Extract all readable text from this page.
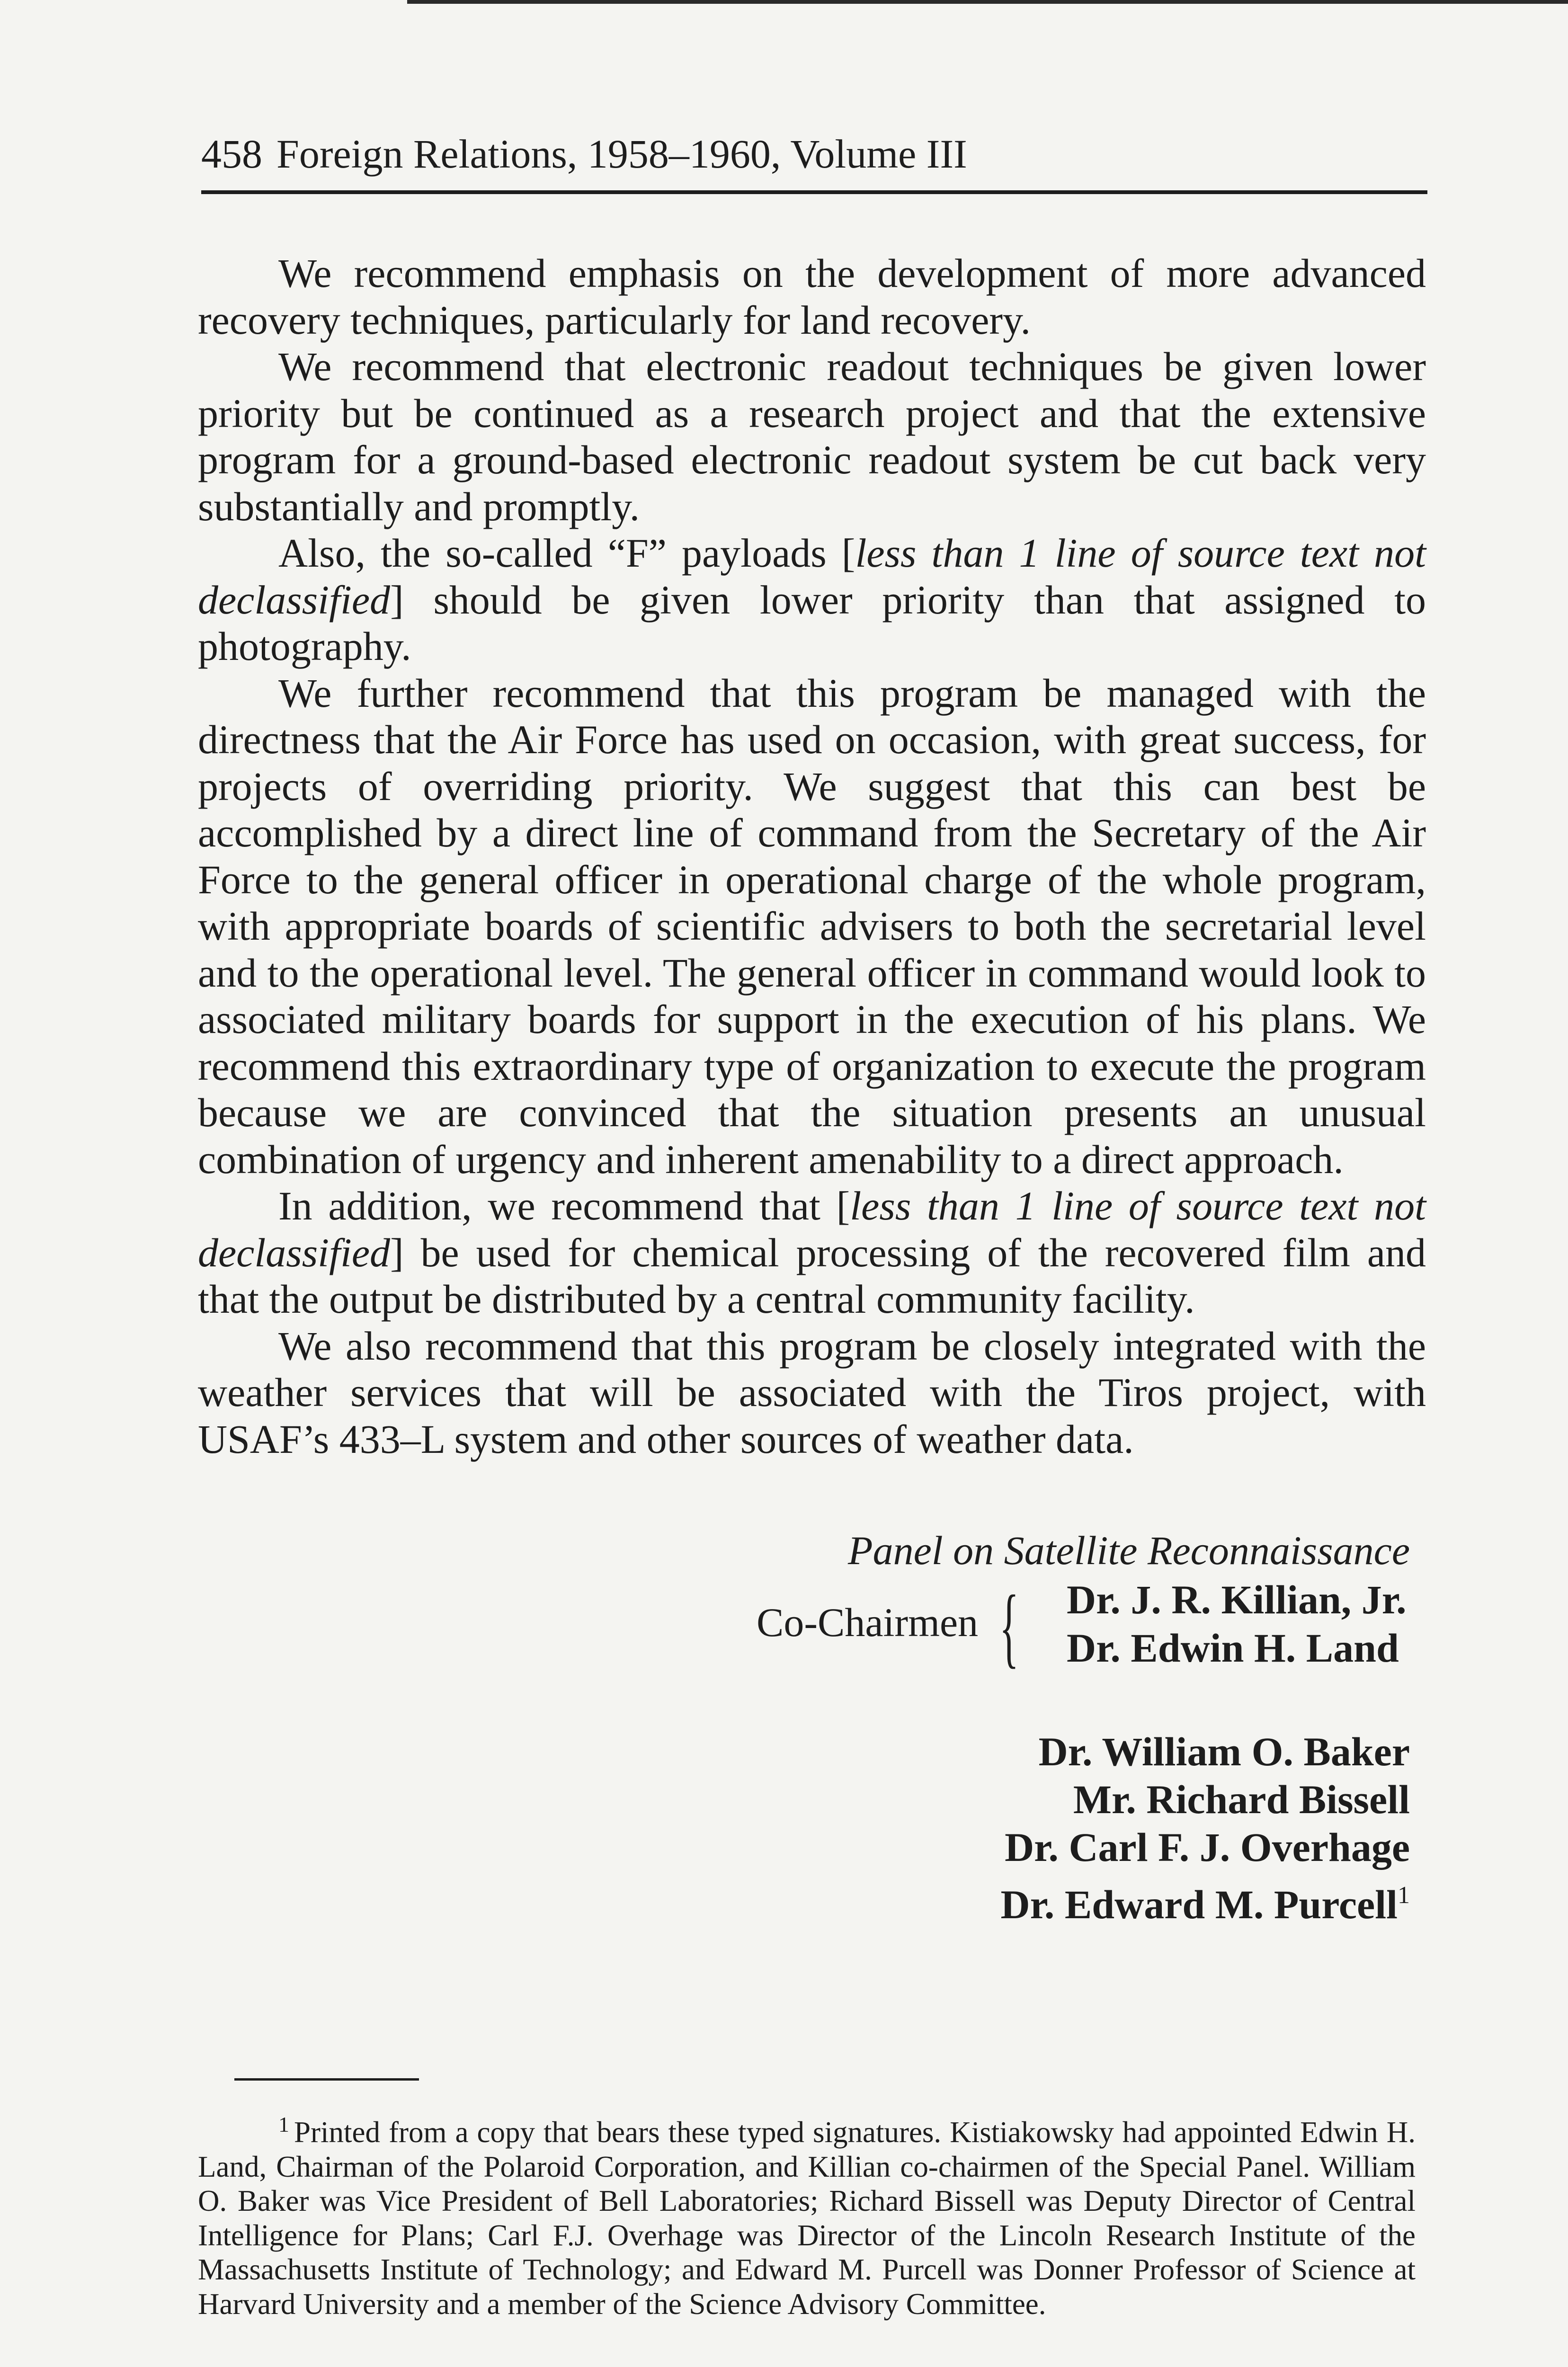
458 Foreign Relations, 1958–1960, Volume III

We recommend emphasis on the development of more advanced recovery techniques, particularly for land recovery.

We recommend that electronic readout techniques be given lower priority but be continued as a research project and that the extensive program for a ground-based electronic readout system be cut back very substantially and promptly.

Also, the so-called “F” payloads [less than 1 line of source text not declassified] should be given lower priority than that assigned to photography.

We further recommend that this program be managed with the directness that the Air Force has used on occasion, with great success, for projects of overriding priority. We suggest that this can best be accomplished by a direct line of command from the Secretary of the Air Force to the general officer in operational charge of the whole program, with appropriate boards of scientific advisers to both the secretarial level and to the operational level. The general officer in command would look to associated military boards for support in the execution of his plans. We recommend this extraordinary type of organization to execute the program because we are convinced that the situation presents an unusual combination of urgency and inherent amenability to a direct approach.

In addition, we recommend that [less than 1 line of source text not declassified] be used for chemical processing of the recovered film and that the output be distributed by a central community facility.

We also recommend that this program be closely integrated with the weather services that will be associated with the Tiros project, with USAF’s 433–L system and other sources of weather data.

Panel on Satellite Reconnaissance
Co-Chairmen { Dr. J. R. Killian, Jr.
Dr. Edwin H. Land
Dr. William O. Baker
Mr. Richard Bissell
Dr. Carl F. J. Overhage
Dr. Edward M. Purcell$^1$
$^1$ Printed from a copy that bears these typed signatures. Kistiakowsky had appointed Edwin H. Land, Chairman of the Polaroid Corporation, and Killian co-chairmen of the Special Panel. William O. Baker was Vice President of Bell Laboratories; Richard Bissell was Deputy Director of Central Intelligence for Plans; Carl F.J. Overhage was Director of the Lincoln Research Institute of the Massachusetts Institute of Technology; and Edward M. Purcell was Donner Professor of Science at Harvard University and a member of the Science Advisory Committee.
